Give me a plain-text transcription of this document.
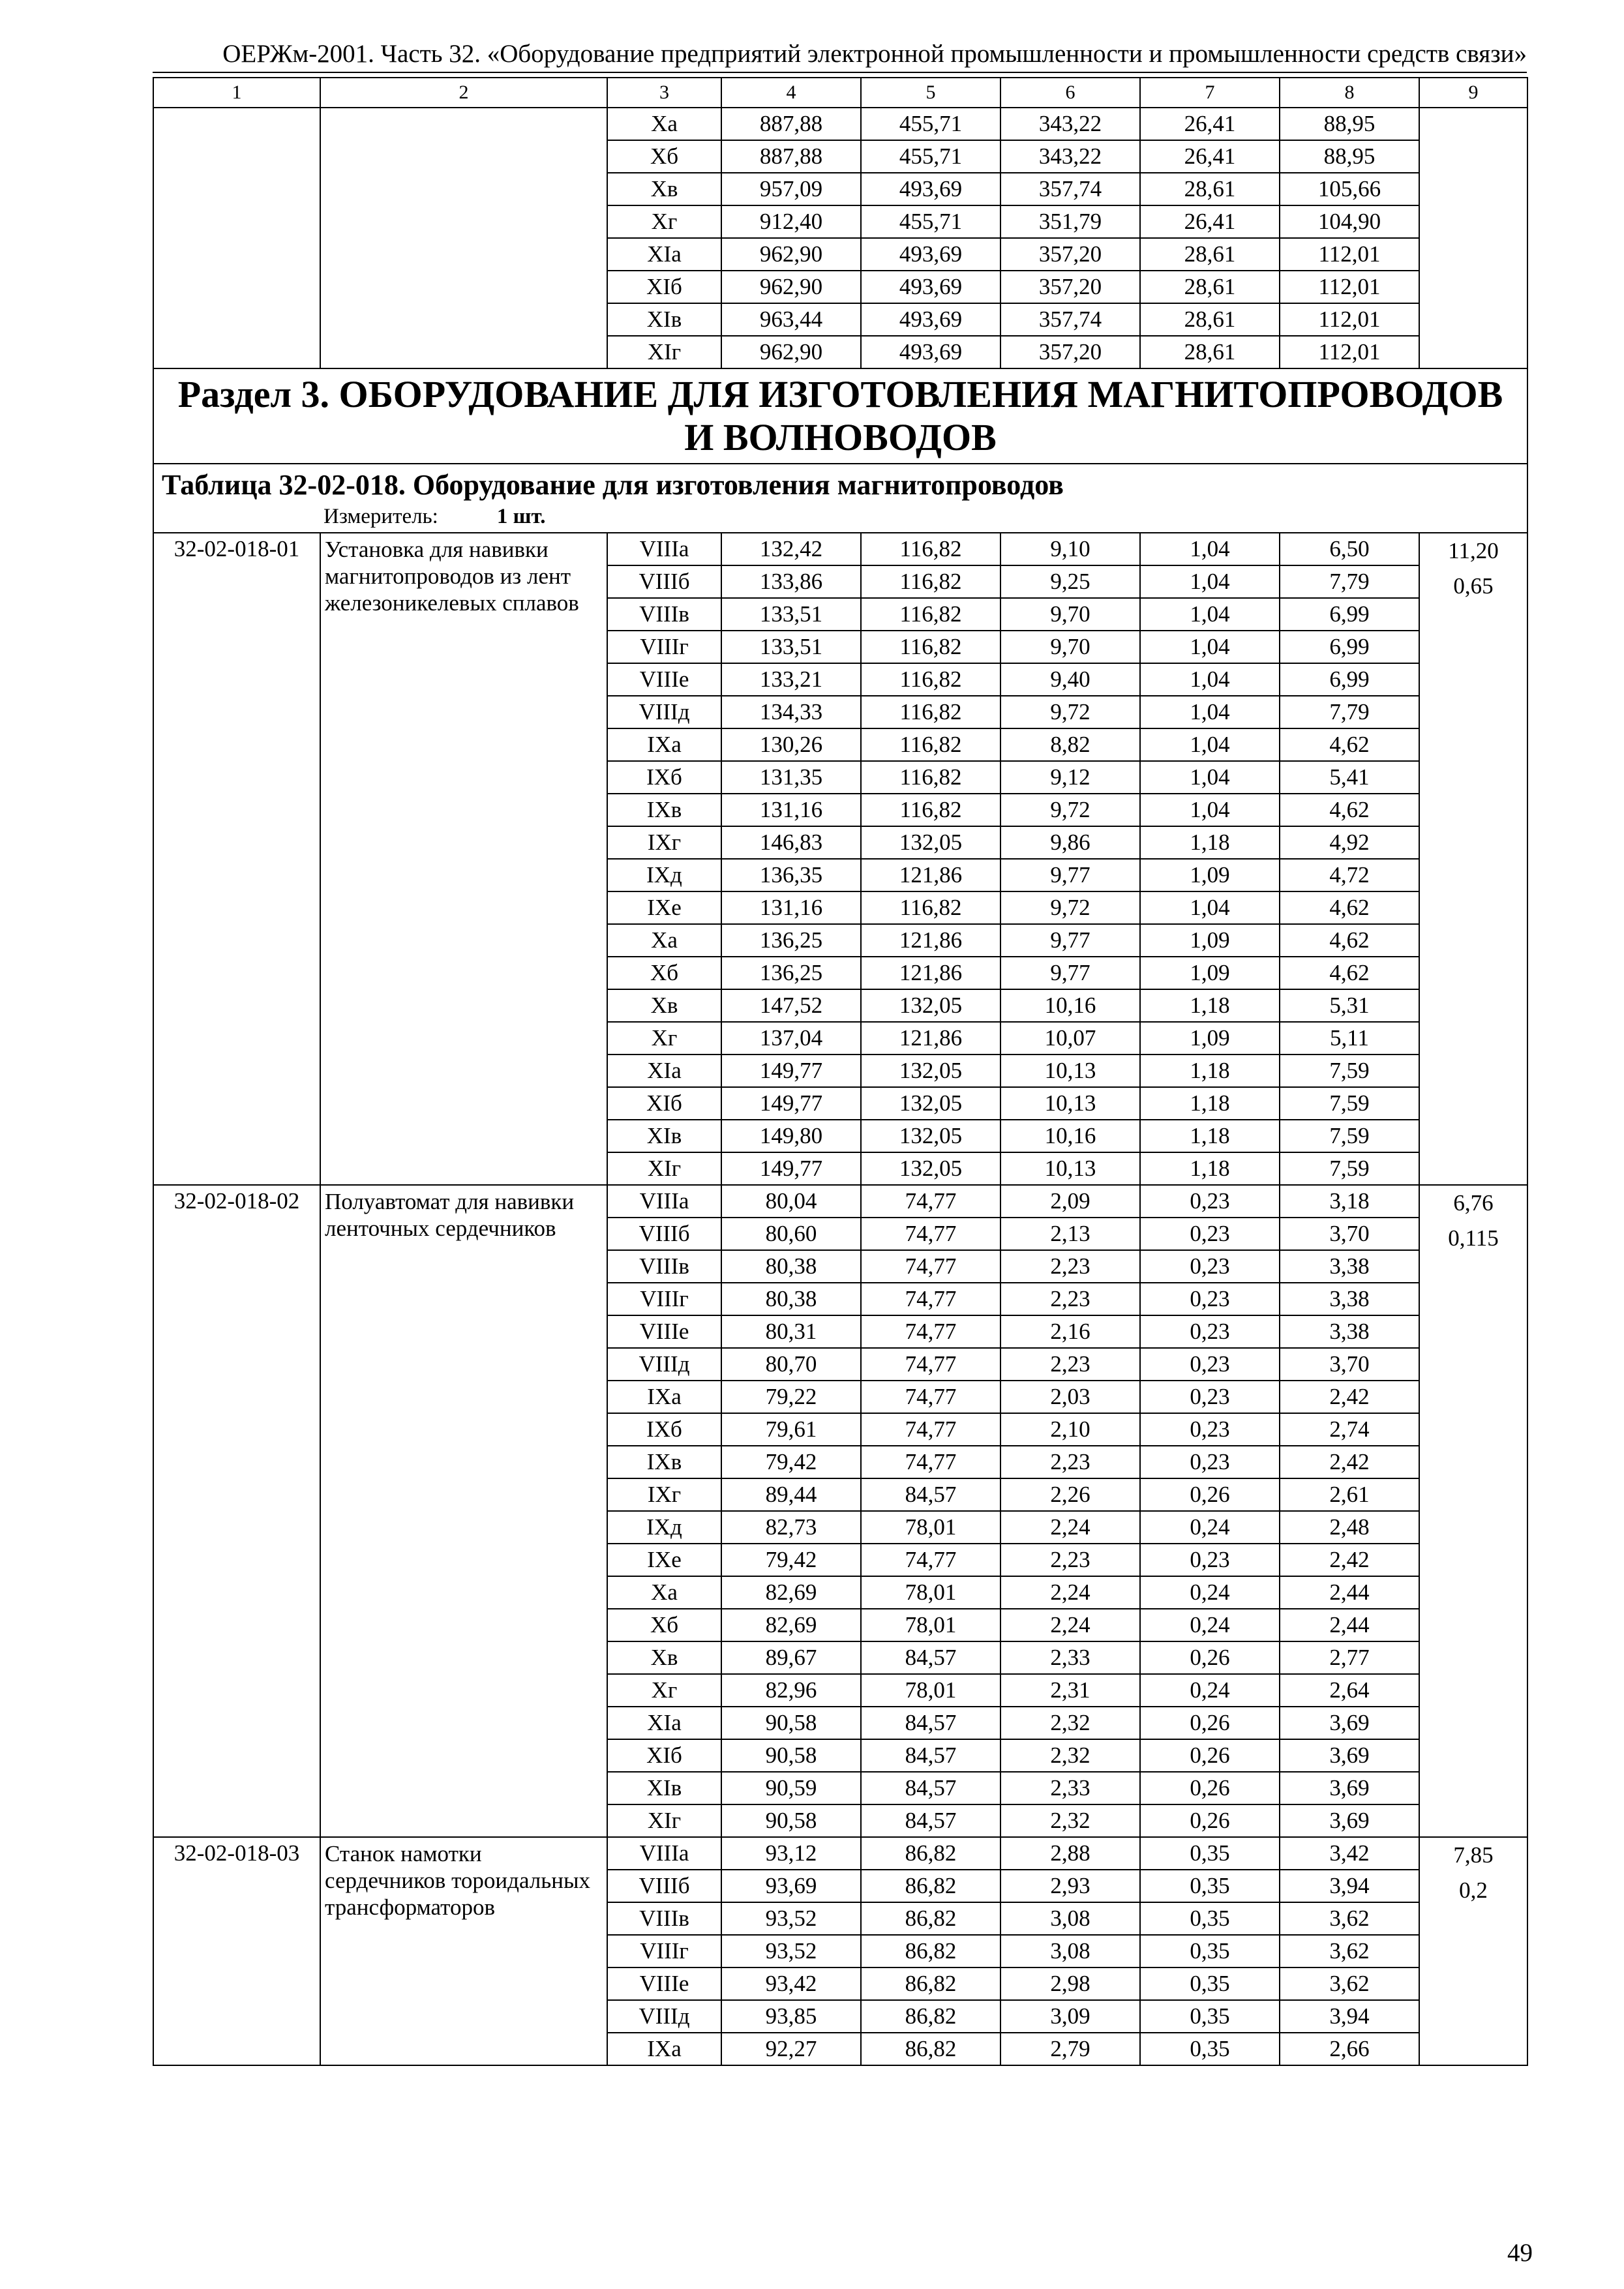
ОЕРЖм-2001. Часть 32. «Оборудование предприятий электронной промышленности и промышленности средств связи»
1	2	3	4	5	6	7	8	9
		Xa	887,88	455,71	343,22	26,41	88,95	
		Xб	887,88	455,71	343,22	26,41	88,95	
		Xв	957,09	493,69	357,74	28,61	105,66	
		Xг	912,40	455,71	351,79	26,41	104,90	
		XIa	962,90	493,69	357,20	28,61	112,01	
		XIб	962,90	493,69	357,20	28,61	112,01	
		XIв	963,44	493,69	357,74	28,61	112,01	
		XIг	962,90	493,69	357,20	28,61	112,01	
Раздел 3. ОБОРУДОВАНИЕ ДЛЯ ИЗГОТОВЛЕНИЯ МАГНИТОПРОВОДОВ И ВОЛНОВОДОВ								

Таблица 32-02-018. Оборудование для изготовления магнитопроводов
Измеритель: 1 шт.								

32-02-018-01	Установка для навивки магнитопроводов из лент железоникелевых сплавов	VIIIa	132,42	116,82	9,10	1,04	6,50	11,20
0,65

		VIIIб	133,86	116,82	9,25	1,04	7,79	
		VIIIв	133,51	116,82	9,70	1,04	6,99	
		VIIIг	133,51	116,82	9,70	1,04	6,99	
		VIIIe	133,21	116,82	9,40	1,04	6,99	
		VIIIд	134,33	116,82	9,72	1,04	7,79	
		IXa	130,26	116,82	8,82	1,04	4,62	
		IXб	131,35	116,82	9,12	1,04	5,41	
		IXв	131,16	116,82	9,72	1,04	4,62	
		IXг	146,83	132,05	9,86	1,18	4,92	
		IXд	136,35	121,86	9,77	1,09	4,72	
		IXe	131,16	116,82	9,72	1,04	4,62	
		Xa	136,25	121,86	9,77	1,09	4,62	
		Xб	136,25	121,86	9,77	1,09	4,62	
		Xв	147,52	132,05	10,16	1,18	5,31	
		Xг	137,04	121,86	10,07	1,09	5,11	
		XIa	149,77	132,05	10,13	1,18	7,59	
		XIб	149,77	132,05	10,13	1,18	7,59	
		XIв	149,80	132,05	10,16	1,18	7,59	
		XIг	149,77	132,05	10,13	1,18	7,59	
32-02-018-02	Полуавтомат для навивки ленточных сердечников	VIIIa	80,04	74,77	2,09	0,23	3,18	6,76
0,115

		VIIIб	80,60	74,77	2,13	0,23	3,70	
		VIIIв	80,38	74,77	2,23	0,23	3,38	
		VIIIг	80,38	74,77	2,23	0,23	3,38	
		VIIIe	80,31	74,77	2,16	0,23	3,38	
		VIIIд	80,70	74,77	2,23	0,23	3,70	
		IXa	79,22	74,77	2,03	0,23	2,42	
		IXб	79,61	74,77	2,10	0,23	2,74	
		IXв	79,42	74,77	2,23	0,23	2,42	
		IXг	89,44	84,57	2,26	0,26	2,61	
		IXд	82,73	78,01	2,24	0,24	2,48	
		IXe	79,42	74,77	2,23	0,23	2,42	
		Xa	82,69	78,01	2,24	0,24	2,44	
		Xб	82,69	78,01	2,24	0,24	2,44	
		Xв	89,67	84,57	2,33	0,26	2,77	
		Xг	82,96	78,01	2,31	0,24	2,64	
		XIa	90,58	84,57	2,32	0,26	3,69	
		XIб	90,58	84,57	2,32	0,26	3,69	
		XIв	90,59	84,57	2,33	0,26	3,69	
		XIг	90,58	84,57	2,32	0,26	3,69	
32-02-018-03	Станок намотки сердечников тороидальных трансформаторов	VIIIa	93,12	86,82	2,88	0,35	3,42	7,85
0,2

		VIIIб	93,69	86,82	2,93	0,35	3,94	
		VIIIв	93,52	86,82	3,08	0,35	3,62	
		VIIIг	93,52	86,82	3,08	0,35	3,62	
		VIIIe	93,42	86,82	2,98	0,35	3,62	
		VIIIд	93,85	86,82	3,09	0,35	3,94	
		IXa	92,27	86,82	2,79	0,35	2,66	
49
